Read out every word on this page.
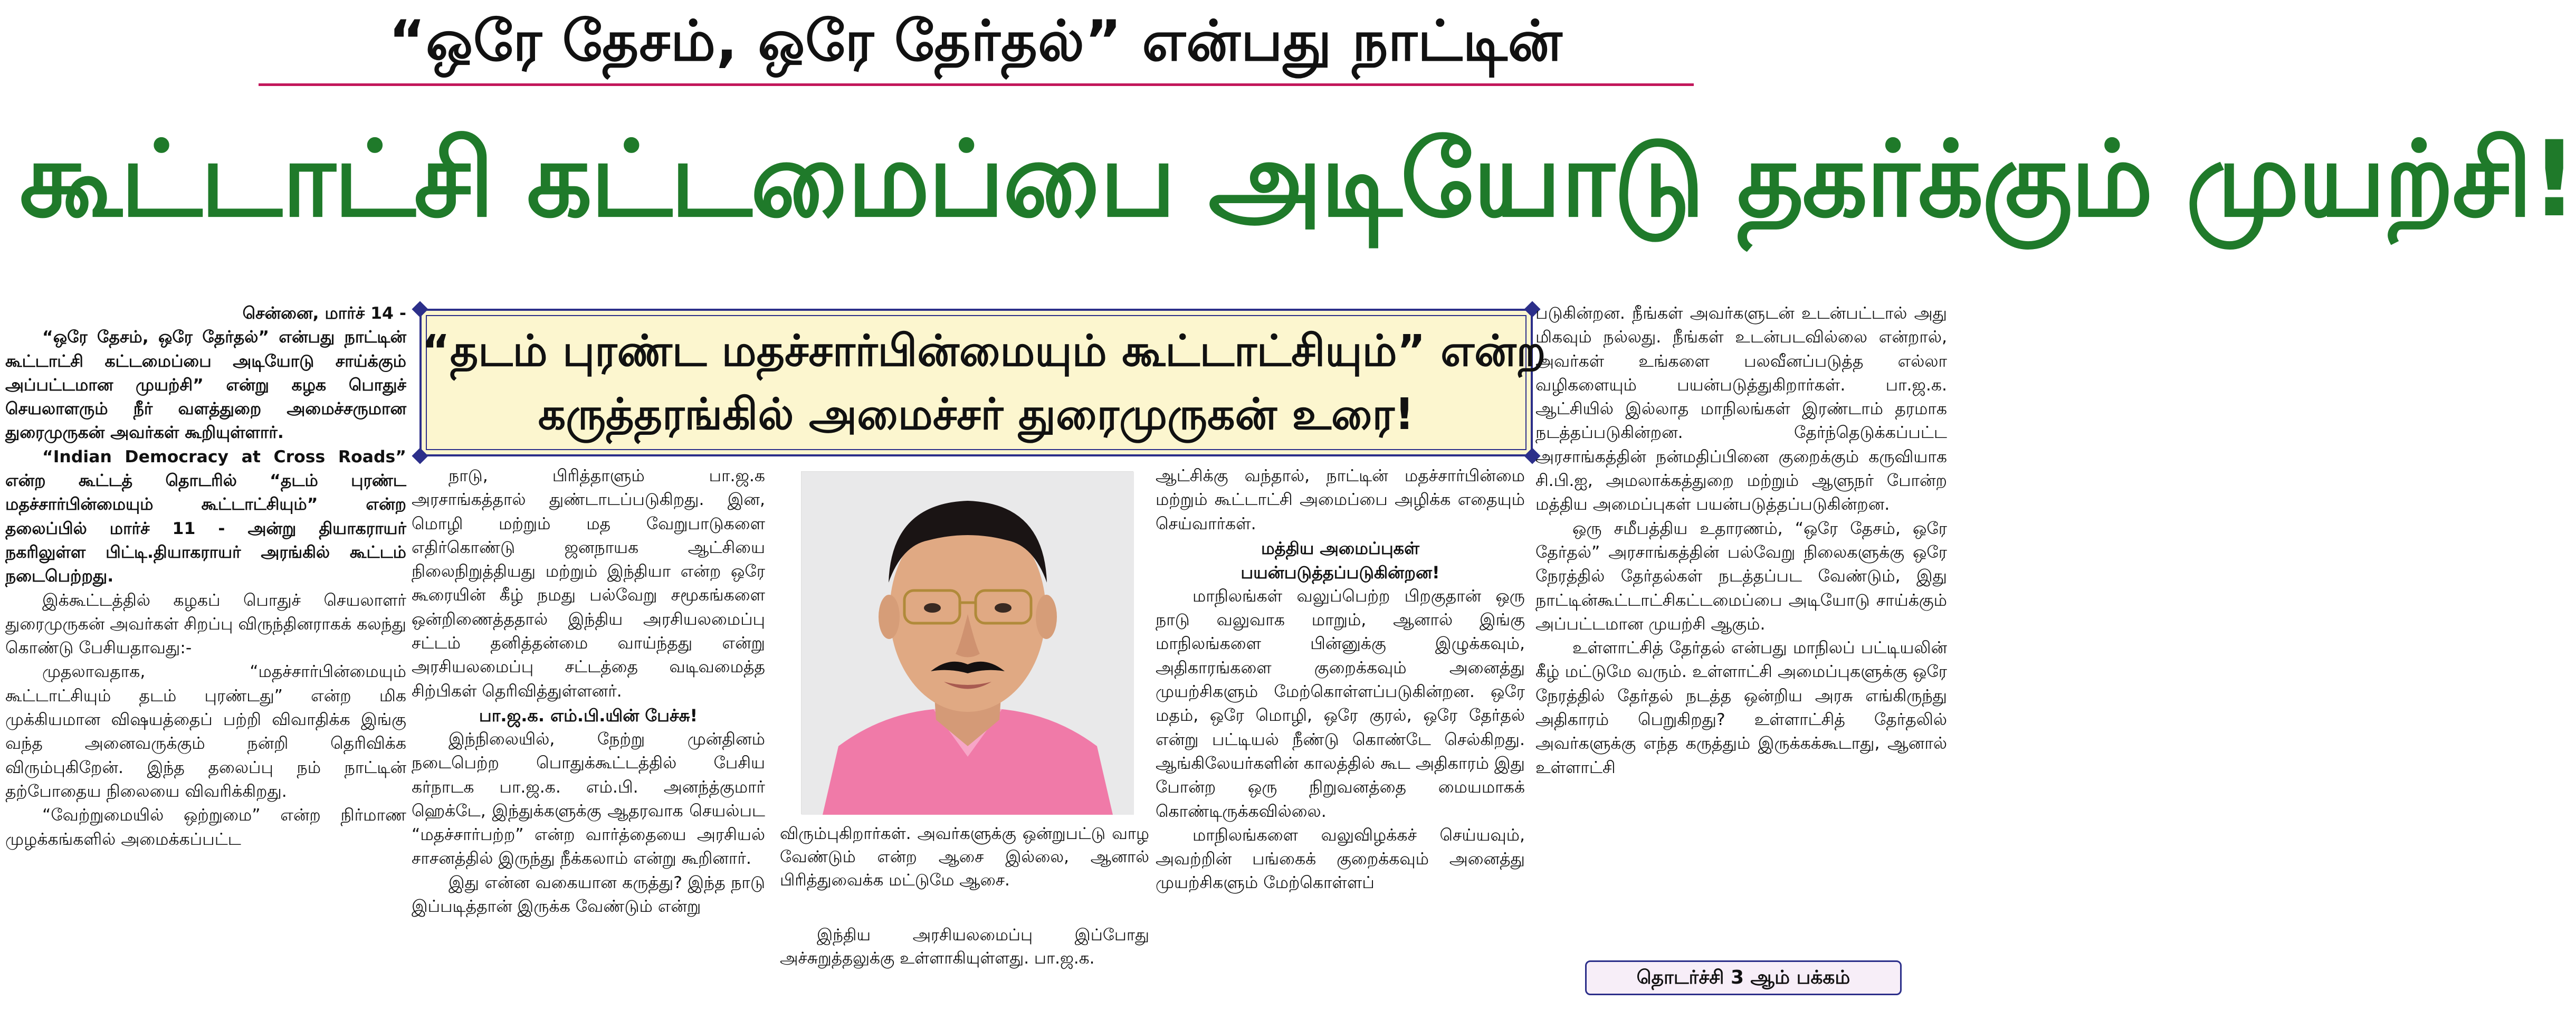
“ஒரே தேசம், ஒரே தேர்தல்” என்பது நாட்டின்
கூட்டாட்சி கட்டமைப்பை அடியோடு தகர்க்கும் முயற்சி!

சென்னை, மார்ச் 14 -

“ஒரே தேசம், ஒரே தேர்தல்” என்பது நாட்டின் கூட்டாட்சி கட்டமைப்பை அடியோடு சாய்க்கும் அப்பட்டமான முயற்சி” என்று கழக பொதுச் செயலாளரும் நீர் வளத்துறை அமைச்சருமான துரைமுருகன் அவர்கள் கூறியுள்ளார்.

“Indian Democracy at Cross Roads” என்ற கூட்டத் தொடரில் “தடம் புரண்ட மதச்சார்பின்மையும் கூட்டாட்சியும்” என்ற தலைப்பில் மார்ச் 11 - அன்று தியாகராயர் நகரிலுள்ள பிட்டி.தியாகராயர் அரங்கில் கூட்டம் நடைபெற்றது.

இக்கூட்டத்தில் கழகப் பொதுச் செயலாளர் துரைமுருகன் அவர்கள் சிறப்பு விருந்தினராகக் கலந்து கொண்டு பேசியதாவது:-

முதலாவதாக, “மதச்சார்பின்மையும் கூட்டாட்சியும் தடம் புரண்டது” என்ற மிக முக்கியமான விஷயத்தைப் பற்றி விவாதிக்க இங்கு வந்த அனைவருக்கும் நன்றி தெரிவிக்க விரும்புகிறேன். இந்த தலைப்பு நம் நாட்டின் தற்போதைய நிலையை விவரிக்கிறது.

“வேற்றுமையில் ஒற்றுமை” என்ற நிர்மாண முழக்கங்களில் அமைக்கப்பட்ட

“தடம் புரண்ட மதச்சார்பின்மையும் கூட்டாட்சியும்” என்ற
கருத்தரங்கில் அமைச்சர் துரைமுருகன் உரை!

நாடு, பிரித்தாளும் பா.ஜ.க அரசாங்கத்தால் துண்டாடப்படுகிறது. இன, மொழி மற்றும் மத வேறுபாடுகளை எதிர்கொண்டு ஜனநாயக ஆட்சியை நிலைநிறுத்தியது மற்றும் இந்தியா என்ற ஒரே கூரையின் கீழ் நமது பல்வேறு சமூகங்களை ஒன்றிணைத்ததால் இந்திய அரசியலமைப்பு சட்டம் தனித்தன்மை வாய்ந்தது என்று அரசியலமைப்பு சட்டத்தை வடிவமைத்த சிற்பிகள் தெரிவித்துள்ளனர்.

பா.ஜ.க. எம்.பி.யின் பேச்சு!

இந்நிலையில், நேற்று முன்தினம் நடைபெற்ற பொதுக்கூட்டத்தில் பேசிய கர்நாடக பா.ஜ.க. எம்.பி. அனந்த்குமார் ஹெக்டே, இந்துக்களுக்கு ஆதரவாக செயல்பட “மதச்சார்பற்ற” என்ற வார்த்தையை அரசியல் சாசனத்தில் இருந்து நீக்கலாம் என்று கூறினார்.

இது என்ன வகையான கருத்து? இந்த நாடு இப்படித்தான் இருக்க வேண்டும் என்று

விரும்புகிறார்கள். அவர்களுக்கு ஒன்றுபட்டு வாழ வேண்டும் என்ற ஆசை இல்லை, ஆனால் பிரித்துவைக்க மட்டுமே ஆசை.

இந்திய அரசியலமைப்பு இப்போது அச்சுறுத்தலுக்கு உள்ளாகியுள்ளது. பா.ஜ.க.

ஆட்சிக்கு வந்தால், நாட்டின் மதச்சார்பின்மை மற்றும் கூட்டாட்சி அமைப்பை அழிக்க எதையும் செய்வார்கள்.

மத்திய அமைப்புகள்
பயன்படுத்தப்படுகின்றன!

மாநிலங்கள் வலுப்பெற்ற பிறகுதான் ஒரு நாடு வலுவாக மாறும், ஆனால் இங்கு மாநிலங்களை பின்னுக்கு இழுக்கவும், அதிகாரங்களை குறைக்கவும் அனைத்து முயற்சிகளும் மேற்கொள்ளப்படுகின்றன. ஒரே மதம், ஒரே மொழி, ஒரே குரல், ஒரே தேர்தல் என்று பட்டியல் நீண்டு கொண்டே செல்கிறது. ஆங்கிலேயர்களின் காலத்தில் கூட அதிகாரம் இது போன்ற ஒரு நிறுவனத்தை மையமாகக் கொண்டிருக்கவில்லை.

மாநிலங்களை வலுவிழக்கச் செய்யவும், அவற்றின் பங்கைக் குறைக்கவும் அனைத்து முயற்சிகளும் மேற்கொள்ளப்

படுகின்றன. நீங்கள் அவர்களுடன் உடன்பட்டால் அது மிகவும் நல்லது. நீங்கள் உடன்படவில்லை என்றால், அவர்கள் உங்களை பலவீனப்படுத்த எல்லா வழிகளையும் பயன்படுத்துகிறார்கள். பா.ஜ.க. ஆட்சியில் இல்லாத மாநிலங்கள் இரண்டாம் தரமாக நடத்தப்படுகின்றன. தேர்ந்தெடுக்கப்பட்ட அரசாங்கத்தின் நன்மதிப்பினை குறைக்கும் கருவியாக சி.பி.ஐ, அமலாக்கத்துறை மற்றும் ஆளுநர் போன்ற மத்திய அமைப்புகள் பயன்படுத்தப்படுகின்றன.

ஒரு சமீபத்திய உதாரணம், “ஒரே தேசம், ஒரே தேர்தல்” அரசாங்கத்தின் பல்வேறு நிலைகளுக்கு ஒரே நேரத்தில் தேர்தல்கள் நடத்தப்பட வேண்டும், இது நாட்டின்கூட்டாட்சிகட்டமைப்பை அடியோடு சாய்க்கும் அப்பட்டமான முயற்சி ஆகும்.

உள்ளாட்சித் தேர்தல் என்பது மாநிலப் பட்டியலின் கீழ் மட்டுமே வரும். உள்ளாட்சி அமைப்புகளுக்கு ஒரே நேரத்தில் தேர்தல் நடத்த ஒன்றிய அரசு எங்கிருந்து அதிகாரம் பெறுகிறது? உள்ளாட்சித் தேர்தலில் அவர்களுக்கு எந்த கருத்தும் இருக்கக்கூடாது, ஆனால் உள்ளாட்சி

தொடர்ச்சி 3 ஆம் பக்கம்
